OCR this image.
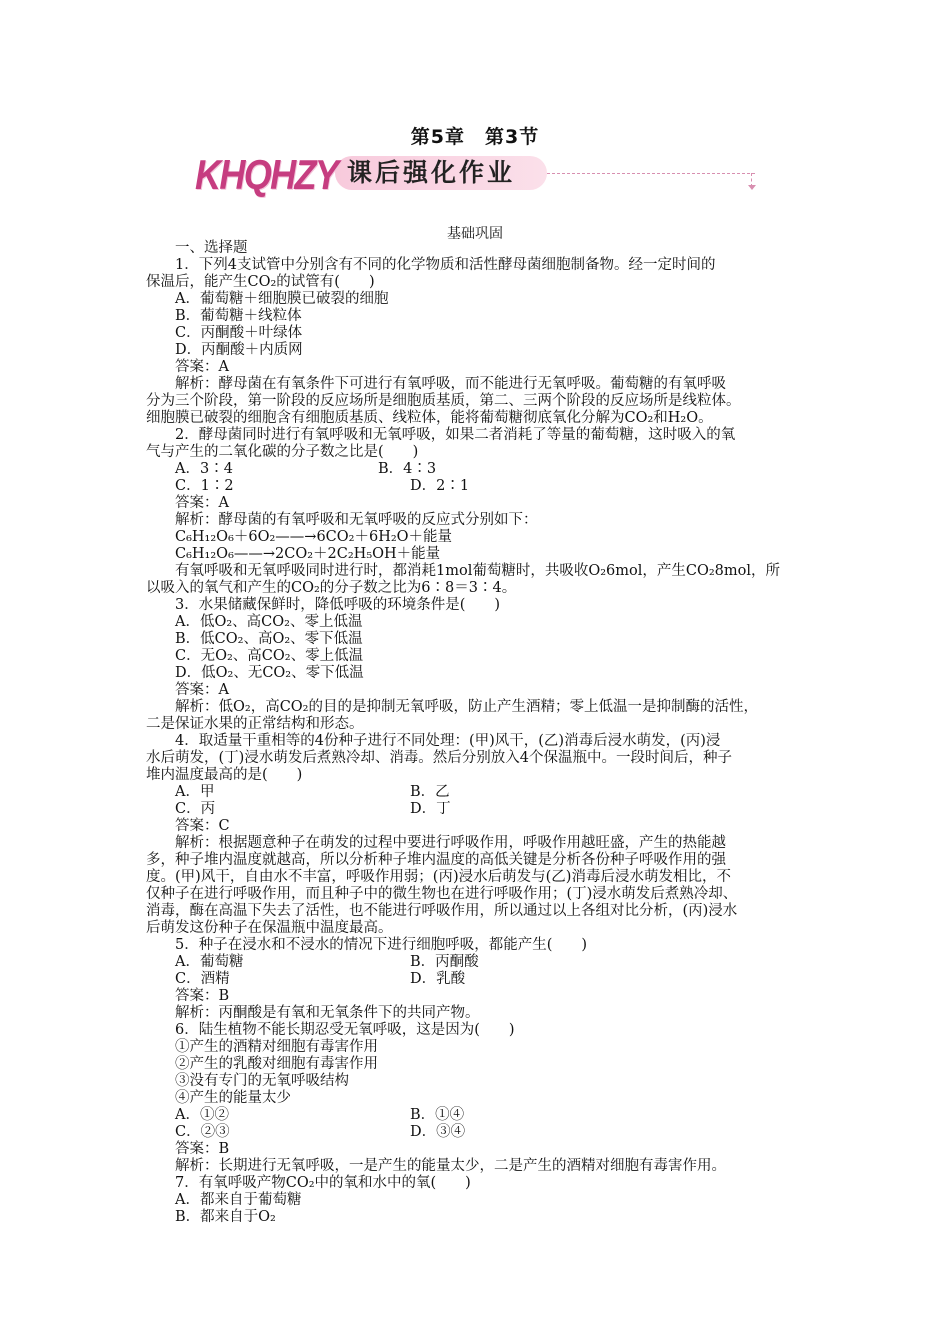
第5章　第3节
KHQHZY 课后强化作业
基础巩固
一、选择题
1．下列4支试管中分别含有不同的化学物质和活性酵母菌细胞制备物。经一定时间的
保温后，能产生CO₂的试管有(　　)
A．葡萄糖＋细胞膜已破裂的细胞
B．葡萄糖＋线粒体
C．丙酮酸＋叶绿体
D．丙酮酸＋内质网
答案：A
解析：酵母菌在有氧条件下可进行有氧呼吸，而不能进行无氧呼吸。葡萄糖的有氧呼吸
分为三个阶段，第一阶段的反应场所是细胞质基质，第二、三两个阶段的反应场所是线粒体。
细胞膜已破裂的细胞含有细胞质基质、线粒体，能将葡萄糖彻底氧化分解为CO₂和H₂O。
2．酵母菌同时进行有氧呼吸和无氧呼吸，如果二者消耗了等量的葡萄糖，这时吸入的氧
气与产生的二氧化碳的分子数之比是(　　)
A．3∶4	B．4∶3
C．1∶2	D．2∶1
答案：A
解析：酵母菌的有氧呼吸和无氧呼吸的反应式分别如下：
C₆H₁₂O₆＋6O₂——→6CO₂＋6H₂O＋能量
C₆H₁₂O₆——→2CO₂＋2C₂H₅OH＋能量
有氧呼吸和无氧呼吸同时进行时，都消耗1mol葡萄糖时，共吸收O₂6mol，产生CO₂8mol，所
以吸入的氧气和产生的CO₂的分子数之比为6∶8＝3∶4。
3．水果储藏保鲜时，降低呼吸的环境条件是(　　)
A．低O₂、高CO₂、零上低温
B．低CO₂、高O₂、零下低温
C．无O₂、高CO₂、零上低温
D．低O₂、无CO₂、零下低温
答案：A
解析：低O₂，高CO₂的目的是抑制无氧呼吸，防止产生酒精；零上低温一是抑制酶的活性，
二是保证水果的正常结构和形态。
4．取适量干重相等的4份种子进行不同处理：(甲)风干，(乙)消毒后浸水萌发，(丙)浸
水后萌发，(丁)浸水萌发后煮熟冷却、消毒。然后分别放入4个保温瓶中。一段时间后，种子
堆内温度最高的是(　　)
A．甲	B．乙
C．丙	D．丁
答案：C
解析：根据题意种子在萌发的过程中要进行呼吸作用，呼吸作用越旺盛，产生的热能越
多，种子堆内温度就越高，所以分析种子堆内温度的高低关键是分析各份种子呼吸作用的强
度。(甲)风干，自由水不丰富，呼吸作用弱；(丙)浸水后萌发与(乙)消毒后浸水萌发相比，不
仅种子在进行呼吸作用，而且种子中的微生物也在进行呼吸作用；(丁)浸水萌发后煮熟冷却、
消毒，酶在高温下失去了活性，也不能进行呼吸作用，所以通过以上各组对比分析，(丙)浸水
后萌发这份种子在保温瓶中温度最高。
5．种子在浸水和不浸水的情况下进行细胞呼吸，都能产生(　　)
A．葡萄糖	B．丙酮酸
C．酒精	D．乳酸
答案：B
解析：丙酮酸是有氧和无氧条件下的共同产物。
6．陆生植物不能长期忍受无氧呼吸，这是因为(　　)
①产生的酒精对细胞有毒害作用
②产生的乳酸对细胞有毒害作用
③没有专门的无氧呼吸结构
④产生的能量太少
A．①②	B．①④
C．②③	D．③④
答案：B
解析：长期进行无氧呼吸，一是产生的能量太少，二是产生的酒精对细胞有毒害作用。
7．有氧呼吸产物CO₂中的氧和水中的氧(　　)
A．都来自于葡萄糖
B．都来自于O₂
